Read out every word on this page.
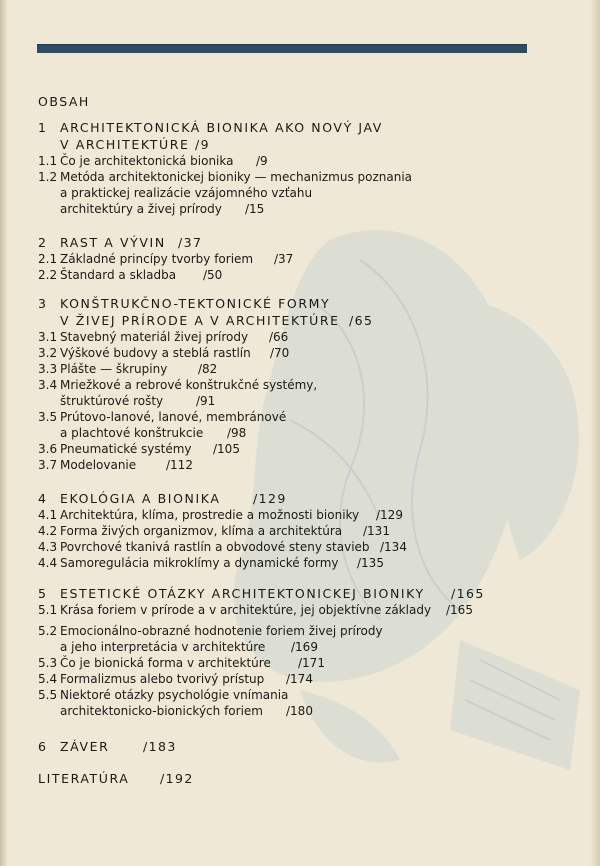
OBSAH
1 ARCHITEKTONICKÁ BIONIKA AKO NOVÝ JAV
V ARCHITEKTÚRE /9
1.1 Čo je architektonická bionika /9
1.2 Metóda architektonickej bioniky — mechanizmus poznania
a praktickej realizácie vzájomného vzťahu
architektúry a živej prírody /15
2 RAST A VÝVIN /37
2.1 Základné princípy tvorby foriem /37
2.2 Štandard a skladba /50
3 KONŠTRUKČNO-TEKTONICKÉ FORMY
V ŽIVEJ PRÍRODE A V ARCHITEKTÚRE /65
3.1 Stavebný materiál živej prírody /66
3.2 Výškové budovy a steblá rastlín /70
3.3 Plášte — škrupiny	/82
3.4 Mriežkové a rebrové konštrukčné systémy,
štruktúrové rošty	/91
3.5 Prútovo-lanové, lanové, membránové
a plachtové konštrukcie /98
3.6 Pneumatické systémy /105
3.7 Modelovanie /112
4 EKOLÓGIA A BIONIKA	/129
4.1 Architektúra, klíma, prostredie a možnosti bioniky /129
4.2 Forma živých organizmov, klíma a architektúra /131
4.3 Povrchové tkanivá rastlín a obvodové steny stavieb /134
4.4 Samoregulácia mikroklímy a dynamické formy /135
5 ESTETICKÉ OTÁZKY ARCHITEKTONICKEJ BIONIKY /165
5.1 Krása foriem v prírode a v architektúre, jej objektívne základy /165
5.2 Emocionálno-obrazné hodnotenie foriem živej prírody
a jeho interpretácia v architektúre /169
5.3 Čo je bionická forma v architektúre /171
5.4 Formalizmus alebo tvorivý prístup /174
5.5 Niektoré otázky psychológie vnímania
architektonicko-bionických foriem /180
6 ZÁVER	/183
LITERATÚRA /192
